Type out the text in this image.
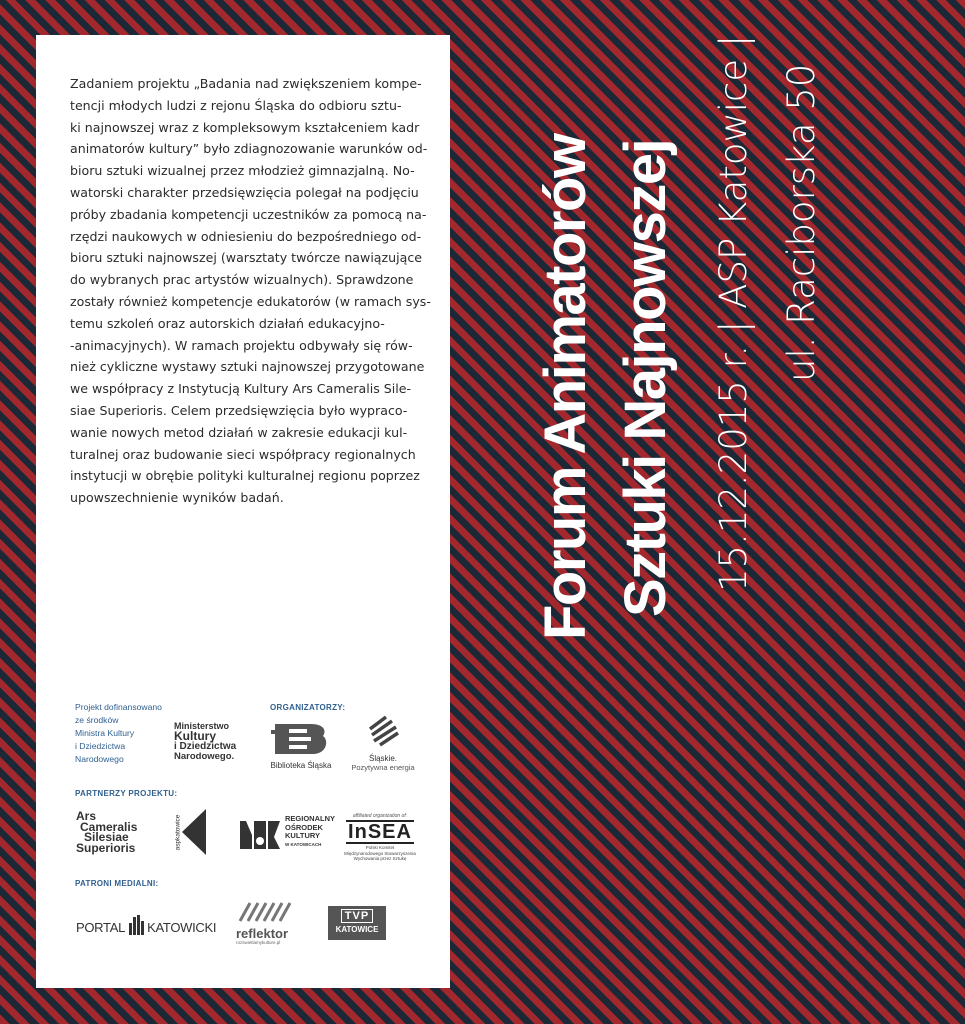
Zadaniem projektu „Badania nad zwiększeniem kompe-
tencji młodych ludzi z rejonu Śląska do odbioru sztu-
ki najnowszej wraz z kompleksowym kształceniem kadr
animatorów kultury” było zdiagnozowanie warunków od-
bioru sztuki wizualnej przez młodzież gimnazjalną. No-
watorski charakter przedsięwzięcia polegał na podjęciu
próby zbadania kompetencji uczestników za pomocą na-
rzędzi naukowych w odniesieniu do bezpośredniego od-
bioru sztuki najnowszej (warsztaty twórcze nawiązujące
do wybranych prac artystów wizualnych). Sprawdzone
zostały również kompetencje edukatorów (w ramach sys-
temu szkoleń oraz autorskich działań edukacyjno-
-animacyjnych). W ramach projektu odbywały się rów-
nież cykliczne wystawy sztuki najnowszej przygotowane
we współpracy z Instytucją Kultury Ars Cameralis Sile-
siae Superioris. Celem przedsięwzięcia było wypraco-
wanie nowych metod działań w zakresie edukacji kul-
turalnej oraz budowanie sieci współpracy regionalnych
instytucji w obrębie polityki kulturalnej regionu poprzez
upowszechnienie wyników badań.

Projekt dofinansowano
ze środków
Ministra Kultury
i Dziedzictwa
Narodowego
Ministerstwo
Kultury
i Dziedzictwa
Narodowego.
ORGANIZATORZY:
Biblioteka Śląska
Śląskie.
Pozytywna energia
PARTNERZY PROJEKTU:
Ars
Cameralis
Silesiae
Superioris	aspkatowice	REGIONALNY
OŚRODEK
KULTURY
W KATOWICACH
affiliated organization of:
InSEA
Polski Komitet
Międzynarodowego Stowarzyszenia
Wychowania przez Sztukę
PATRONI MEDIALNI:
PORTAL KATOWICKI reflektor
rozswietlamykulture.pl
TVP
KATOWICE
Forum Animatorów Sztuki Najnowszej 15.12.2015 r. | ASP Katowice | ul. Raciborska 50
